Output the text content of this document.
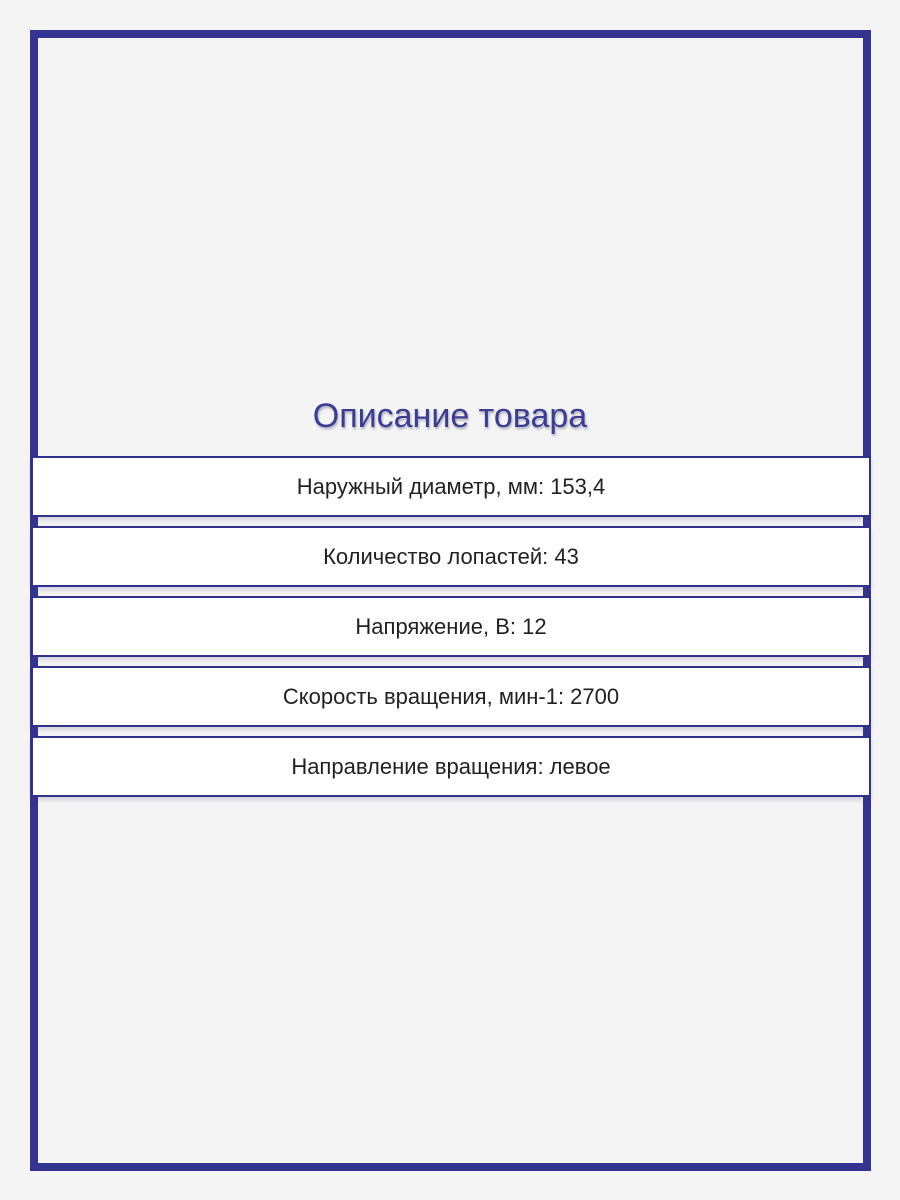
Описание товара
Наружный диаметр, мм: 153,4
Количество лопастей: 43
Напряжение, В: 12
Скорость вращения, мин-1: 2700
Направление вращения: левое
